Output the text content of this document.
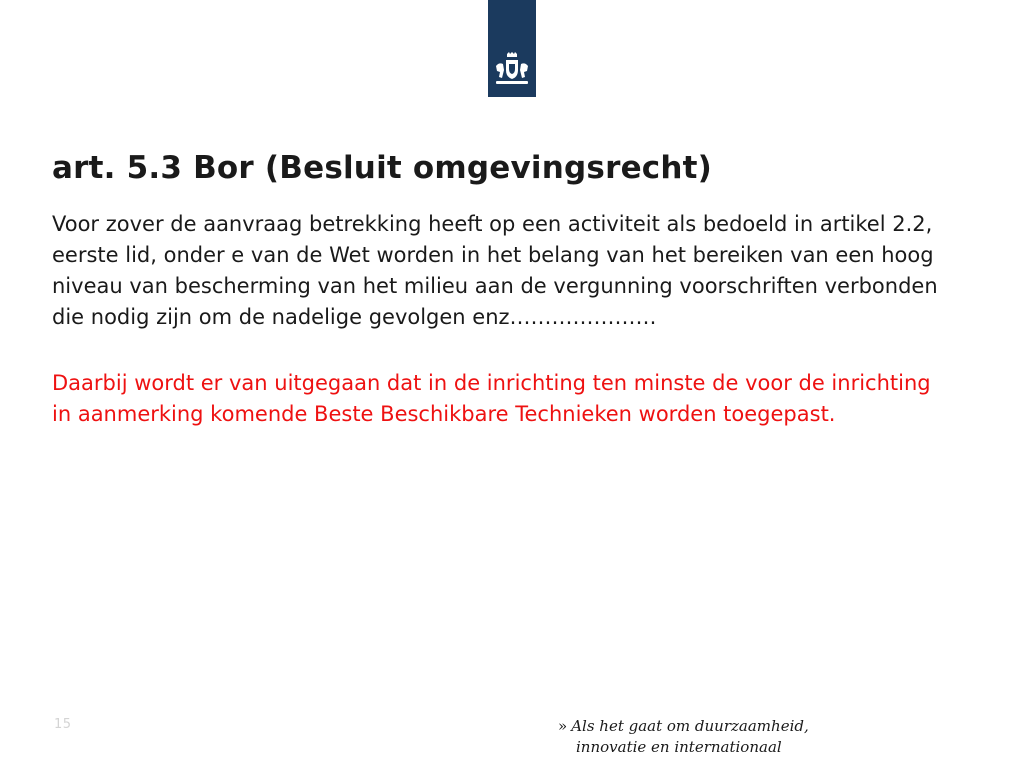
art. 5.3 Bor (Besluit omgevingsrecht)

Voor zover de aanvraag betrekking heeft op een activiteit als bedoeld in artikel 2.2, eerste lid, onder e van de Wet worden in het belang van het bereiken van een hoog niveau van bescherming van het milieu aan de vergunning voorschriften verbonden die nodig zijn om de nadelige gevolgen enz…………………

Daarbij wordt er van uitgegaan dat in de inrichting ten minste de voor de inrichting in aanmerking komende Beste Beschikbare Technieken worden toegepast.

15	» Als het gaat om duurzaamheid,
innovatie en internationaal
